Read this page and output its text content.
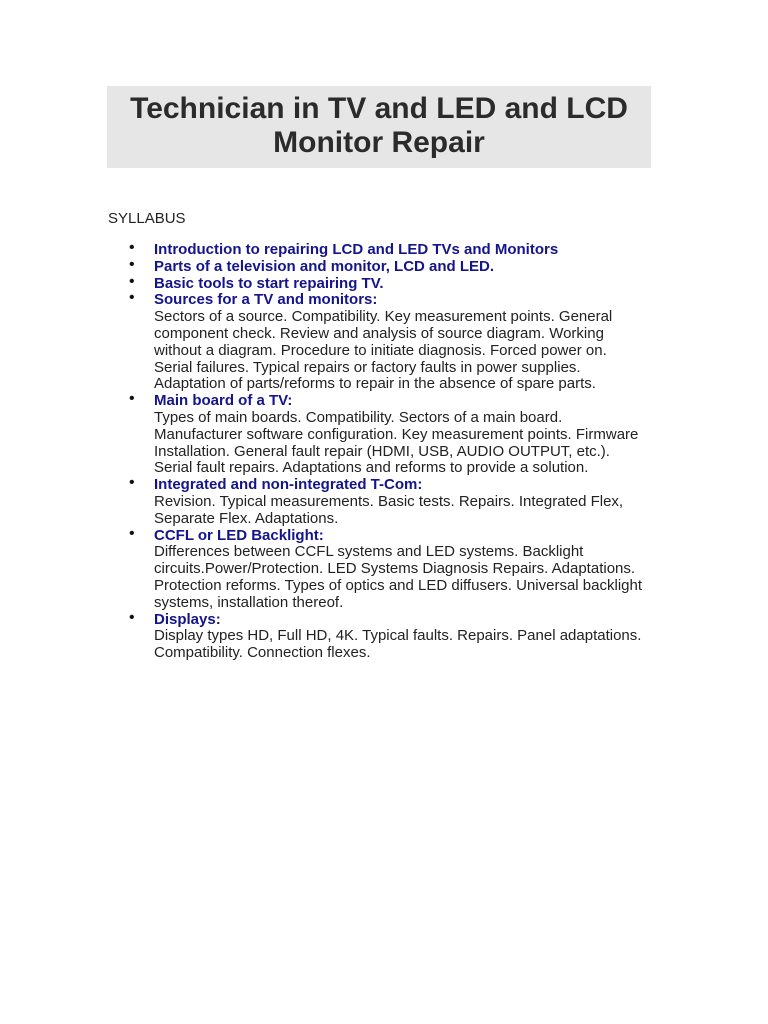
Technician in TV and LED and LCD Monitor Repair
SYLLABUS
• Introduction to repairing LCD and LED TVs and Monitors
• Parts of a television and monitor, LCD and LED.
• Basic tools to start repairing TV.
• Sources for a TV and monitors:
Sectors of a source. Compatibility. Key measurement points. General component check. Review and analysis of source diagram. Working without a diagram. Procedure to initiate diagnosis. Forced power on. Serial failures. Typical repairs or factory faults in power supplies. Adaptation of parts/reforms to repair in the absence of spare parts.
• Main board of a TV:
Types of main boards. Compatibility. Sectors of a main board. Manufacturer software configuration. Key measurement points. Firmware Installation. General fault repair (HDMI, USB, AUDIO OUTPUT, etc.). Serial fault repairs. Adaptations and reforms to provide a solution.
• Integrated and non-integrated T-Com:
Revision. Typical measurements. Basic tests. Repairs. Integrated Flex, Separate Flex. Adaptations.
• CCFL or LED Backlight:
Differences between CCFL systems and LED systems. Backlight circuits.Power/Protection. LED Systems Diagnosis Repairs. Adaptations. Protection reforms. Types of optics and LED diffusers. Universal backlight systems, installation thereof.
• Displays:
Display types HD, Full HD, 4K. Typical faults. Repairs. Panel adaptations. Compatibility. Connection flexes.
